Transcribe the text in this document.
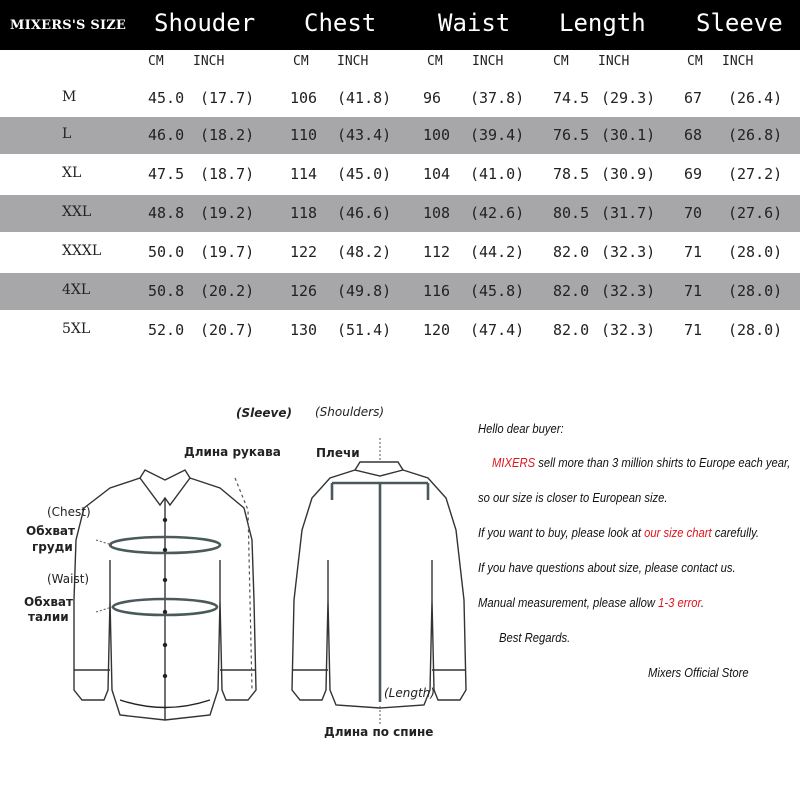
MIXERS'S SIZE Shouder Chest	Waist Length Sleeve
CM INCH	CM INCH	CM INCH	CM INCH	CM INCH
M	45.0 (17.7) 106 (41.8) 96 (37.8) 74.5 (29.3) 67 (26.4)
L	46.0 (18.2) 110 (43.4) 100 (39.4) 76.5 (30.1) 68 (26.8)
XL	47.5 (18.7) 114 (45.0) 104 (41.0) 78.5 (30.9) 69 (27.2)
XXL	48.8 (19.2) 118 (46.6) 108 (42.6) 80.5 (31.7) 70 (27.6)
XXXL	50.0 (19.7) 122 (48.2) 112 (44.2) 82.0 (32.3) 71 (28.0)
4XL	50.8 (20.2) 126 (49.8) 116 (45.8) 82.0 (32.3) 71 (28.0)
5XL	52.0 (20.7) 130 (51.4) 120 (47.4) 82.0 (32.3) 71 (28.0)
(Sleeve) (Shoulders)
Длина рукава	Плечи
(Chest)
Обхват
груди
(Waist)
Обхват
талии
(Length)
Длина по спине
Hello dear buyer:
MIXERS sell more than 3 million shirts to Europe each year,
so our size is closer to European size.
If you want to buy, please look at our size chart carefully.
If you have questions about size, please contact us.
Manual measurement, please allow 1-3 error.
Best Regards.
Mixers Official Store
